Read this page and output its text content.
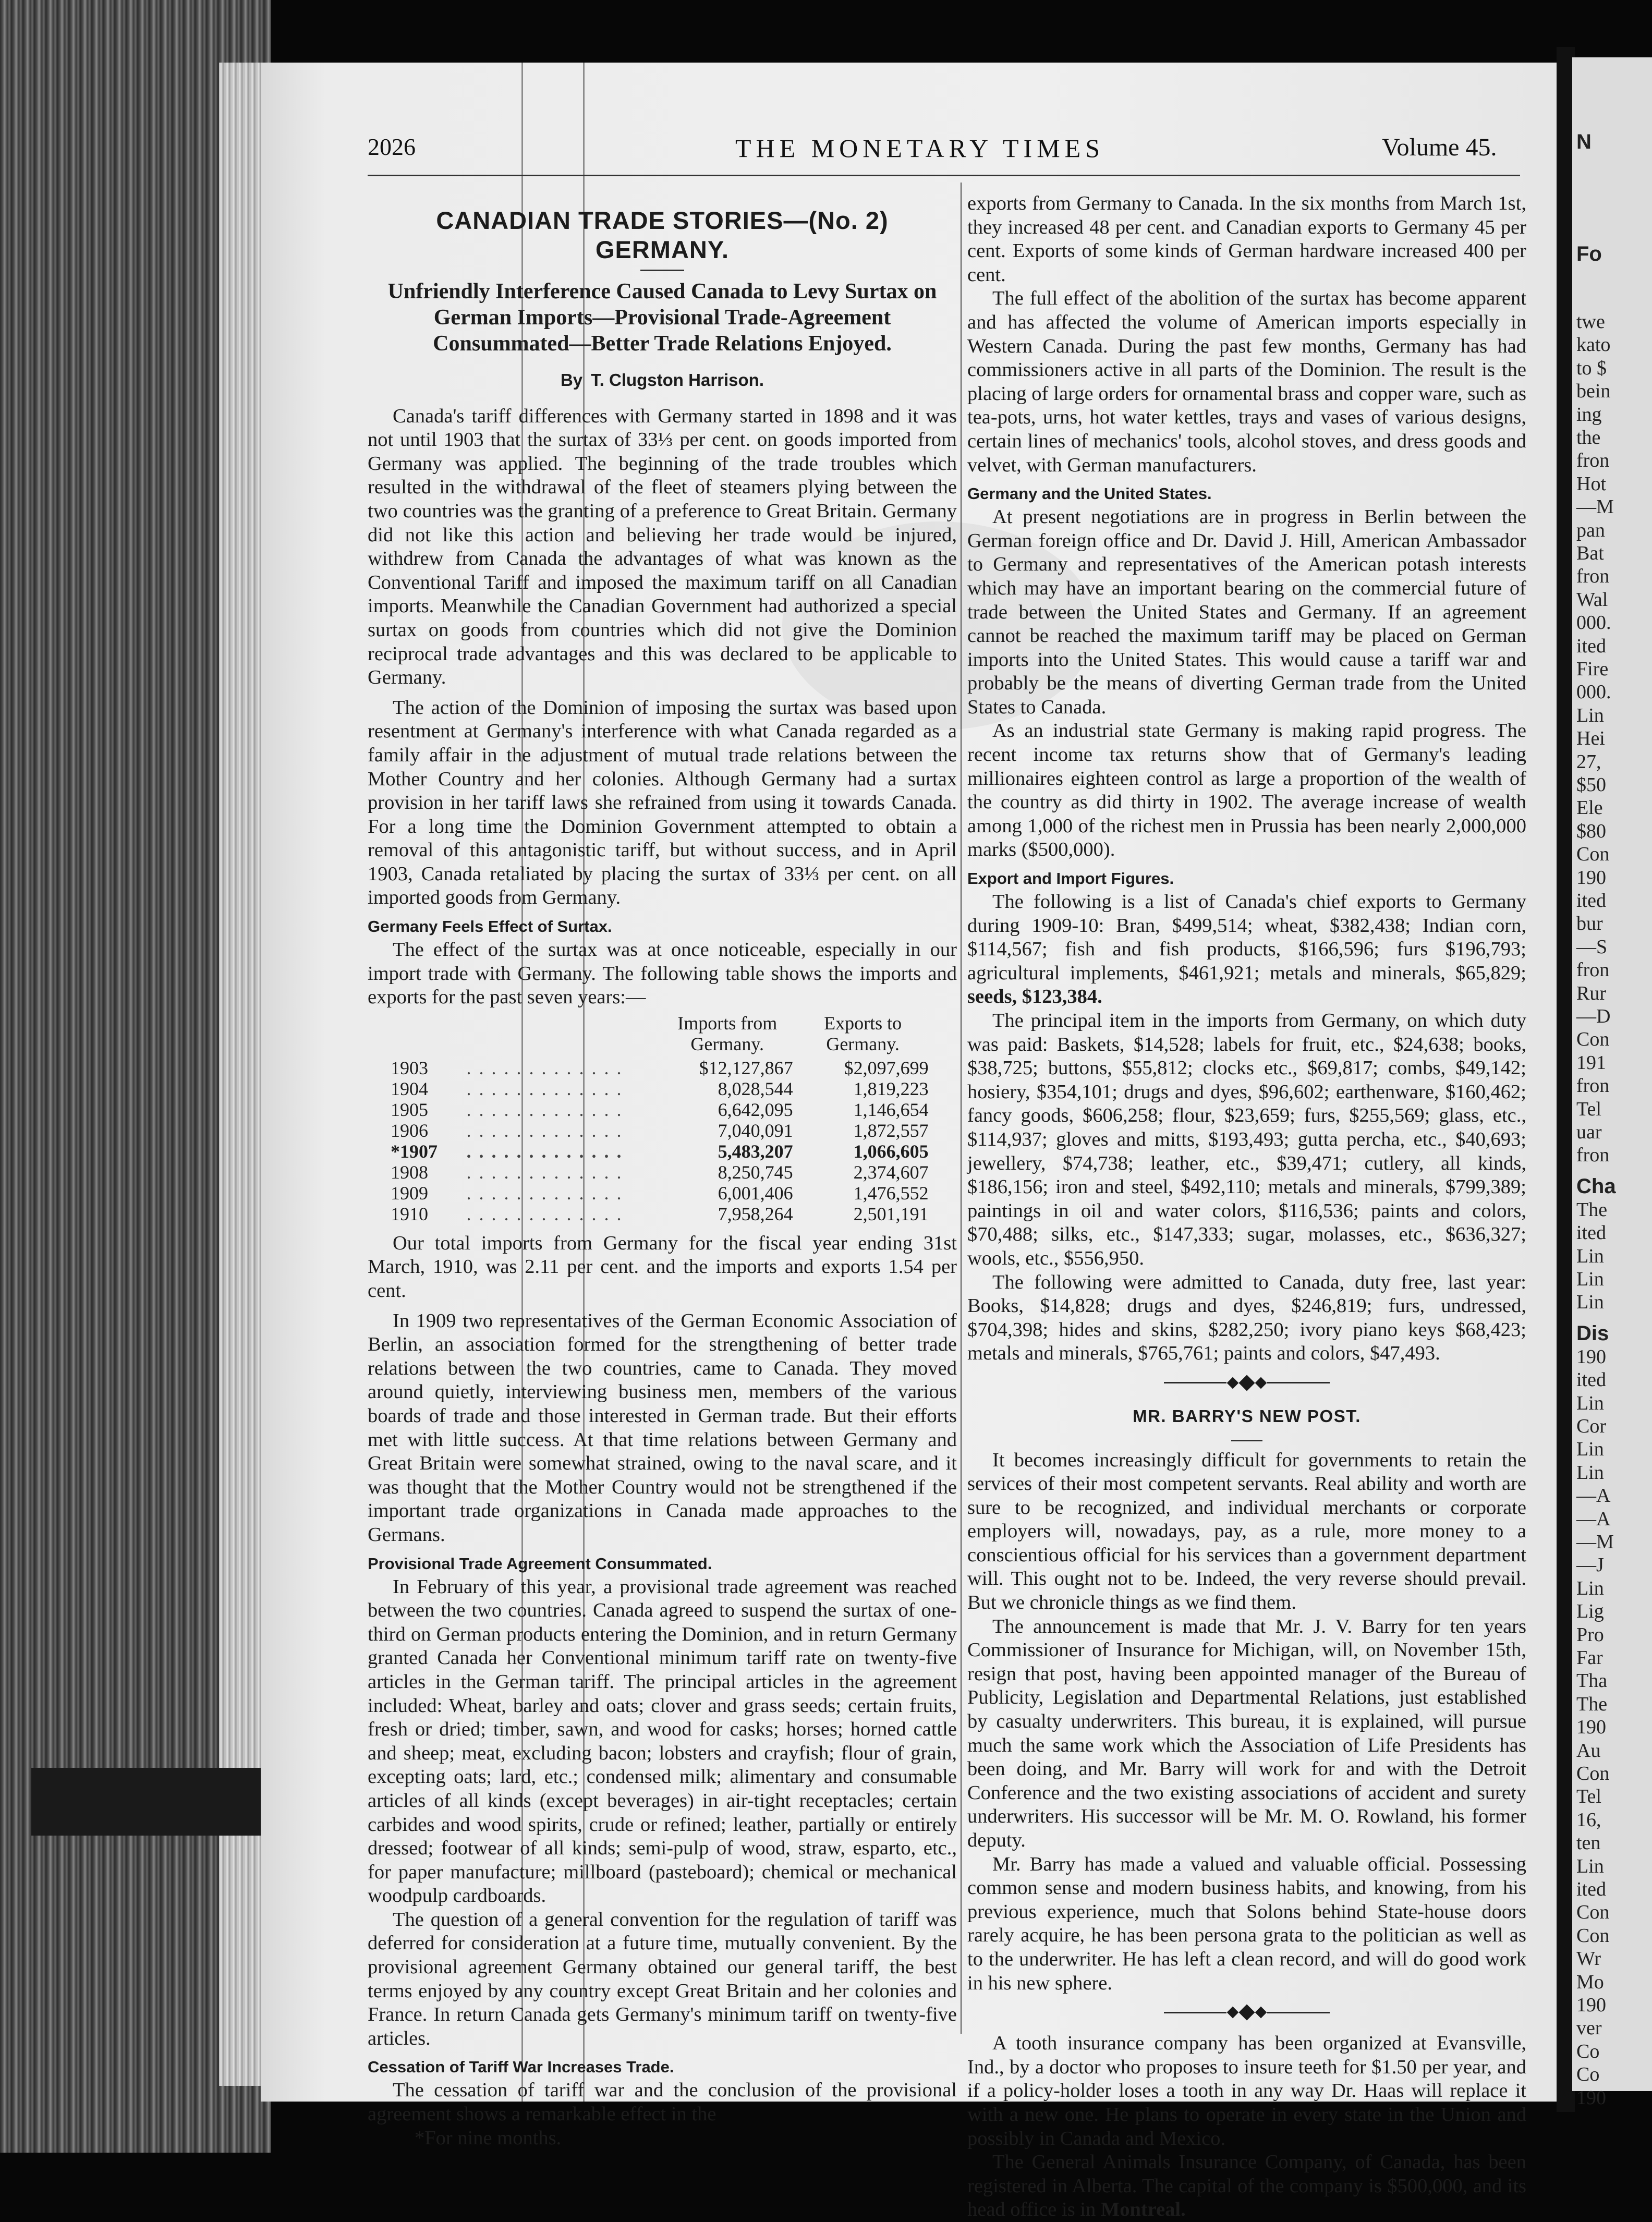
N
Fo
twe
kato
to $
bein
ing
the
fron
Hot
—M
pan
Bat
fron
Wal
000.
ited
Fire
000.
Lin
Hei
27,
$50
Ele
$80
Con
190
ited
bur
—S
fron
Rur
—D
Con
191
fron
Tel
uar
fron
Cha
The
ited
Lin
Lin
Lin
Dis
190
ited
Lin
Cor
Lin
Lin
—A
—A
—M
—J
Lin
Lig
Pro
Far
Tha
The
190
Au
Con
Tel
16,
ten
Lin
ited
Con
Con
Wr
Mo
190
ver
Co
Co
190
2026	THE MONETARY TIMES	Volume 45.
CANADIAN TRADE STORIES—(No. 2) GERMANY.
Unfriendly Interference Caused Canada to Levy Surtax on German Imports—Provisional Trade-Agreement Consummated—Better Trade Relations Enjoyed.
By T. Clugston Harrison.

Canada's tariff differences with Germany started in 1898 and it was not until 1903 that the surtax of 33⅓ per cent. on goods imported from Germany was applied. The beginning of the trade troubles which resulted in the withdrawal of the fleet of steamers plying between the two countries was the granting of a preference to Great Britain. Germany did not like this action and believing her trade would be injured, withdrew from Canada the advantages of what was known as the Conventional Tariff and imposed the maximum tariff on all Canadian imports. Meanwhile the Canadian Government had authorized a special surtax on goods from countries which did not give the Dominion reciprocal trade advantages and this was declared to be applicable to Germany.

The action of the Dominion of imposing the surtax was based upon resentment at Germany's interference with what Canada regarded as a family affair in the adjustment of mutual trade relations between the Mother Country and her colonies. Although Germany had a surtax provision in her tariff laws she refrained from using it towards Canada. For a long time the Dominion Government attempted to obtain a removal of this antagonistic tariff, but without success, and in April 1903, Canada retaliated by placing the surtax of 33⅓ per cent. on all imported goods from Germany.

Germany Feels Effect of Surtax.

The effect of the surtax was at once noticeable, especially in our import trade with Germany. The following table shows the imports and exports for the past seven years:—

		Imports from Germany.	Exports to Germany.
1903	. . . . . . . . . . . . .	$12,127,867	$2,097,699
1904	. . . . . . . . . . . . .	8,028,544	1,819,223
1905	. . . . . . . . . . . . .	6,642,095	1,146,654
1906	. . . . . . . . . . . . .	7,040,091	1,872,557
*1907	. . . . . . . . . . . . .	5,483,207	1,066,605
1908	. . . . . . . . . . . . .	8,250,745	2,374,607
1909	. . . . . . . . . . . . .	6,001,406	1,476,552
1910	. . . . . . . . . . . . .	7,958,264	2,501,191

Our total imports from Germany for the fiscal year ending 31st March, 1910, was 2.11 per cent. and the imports and exports 1.54 per cent.

In 1909 two representatives of the German Economic Association of Berlin, an association formed for the strengthening of better trade relations between the two countries, came to Canada. They moved around quietly, interviewing business men, members of the various boards of trade and those interested in German trade. But their efforts met with little success. At that time relations between Germany and Great Britain were somewhat strained, owing to the naval scare, and it was thought that the Mother Country would not be strengthened if the important trade organizations in Canada made approaches to the Germans.

Provisional Trade Agreement Consummated.

In February of this year, a provisional trade agreement was reached between the two countries. Canada agreed to suspend the surtax of one-third on German products entering the Dominion, and in return Germany granted Canada her Conventional minimum tariff rate on twenty-five articles in the German tariff. The principal articles in the agreement included: Wheat, barley and oats; clover and grass seeds; certain fruits, fresh or dried; timber, sawn, and wood for casks; horses; horned cattle and sheep; meat, excluding bacon; lobsters and crayfish; flour of grain, excepting oats; lard, etc.; condensed milk; alimentary and consumable articles of all kinds (except beverages) in air-tight receptacles; certain carbides and wood spirits, crude or refined; leather, partially or entirely dressed; footwear of all kinds; semi-pulp of wood, straw, esparto, etc., for paper manufacture; millboard (pasteboard); chemical or mechanical woodpulp cardboards.

The question of a general convention for the regulation of tariff was deferred for consideration at a future time, mutually convenient. By the provisional agreement Germany obtained our general tariff, the best terms enjoyed by any country except Great Britain and her colonies and France. In return Canada gets Germany's minimum tariff on twenty-five articles.

Cessation of Tariff War Increases Trade.

The cessation of tariff war and the conclusion of the provisional agreement shows a remarkable effect in the

*For nine months.

exports from Germany to Canada. In the six months from March 1st, they increased 48 per cent. and Canadian exports to Germany 45 per cent. Exports of some kinds of German hardware increased 400 per cent.

The full effect of the abolition of the surtax has become apparent and has affected the volume of American imports especially in Western Canada. During the past few months, Germany has had commissioners active in all parts of the Dominion. The result is the placing of large orders for ornamental brass and copper ware, such as tea-pots, urns, hot water kettles, trays and vases of various designs, certain lines of mechanics' tools, alcohol stoves, and dress goods and velvet, with German manufacturers.

Germany and the United States.

At present negotiations are in progress in Berlin between the German foreign office and Dr. David J. Hill, American Ambassador to Germany and representatives of the American potash interests which may have an important bearing on the commercial future of trade between the United States and Germany. If an agreement cannot be reached the maximum tariff may be placed on German imports into the United States. This would cause a tariff war and probably be the means of diverting German trade from the United States to Canada.

As an industrial state Germany is making rapid progress. The recent income tax returns show that of Germany's leading millionaires eighteen control as large a proportion of the wealth of the country as did thirty in 1902. The average increase of wealth among 1,000 of the richest men in Prussia has been nearly 2,000,000 marks ($500,000).

Export and Import Figures.

The following is a list of Canada's chief exports to Germany during 1909-10: Bran, $499,514; wheat, $382,438; Indian corn, $114,567; fish and fish products, $166,596; furs $196,793; agricultural implements, $461,921; metals and minerals, $65,829; seeds, $123,384.

The principal item in the imports from Germany, on which duty was paid: Baskets, $14,528; labels for fruit, etc., $24,638; books, $38,725; buttons, $55,812; clocks etc., $69,817; combs, $49,142; hosiery, $354,101; drugs and dyes, $96,602; earthenware, $160,462; fancy goods, $606,258; flour, $23,659; furs, $255,569; glass, etc., $114,937; gloves and mitts, $193,493; gutta percha, etc., $40,693; jewellery, $74,738; leather, etc., $39,471; cutlery, all kinds, $186,156; iron and steel, $492,110; metals and minerals, $799,389; paintings in oil and water colors, $116,536; paints and colors, $70,488; silks, etc., $147,333; sugar, molasses, etc., $636,327; wools, etc., $556,950.

The following were admitted to Canada, duty free, last year: Books, $14,828; drugs and dyes, $246,819; furs, undressed, $704,398; hides and skins, $282,250; ivory piano keys $68,423; metals and minerals, $765,761; paints and colors, $47,493.

MR. BARRY'S NEW POST.

It becomes increasingly difficult for governments to retain the services of their most competent servants. Real ability and worth are sure to be recognized, and individual merchants or corporate employers will, nowadays, pay, as a rule, more money to a conscientious official for his services than a government department will. This ought not to be. Indeed, the very reverse should prevail. But we chronicle things as we find them.

The announcement is made that Mr. J. V. Barry for ten years Commissioner of Insurance for Michigan, will, on November 15th, resign that post, having been appointed manager of the Bureau of Publicity, Legislation and Departmental Relations, just established by casualty underwriters. This bureau, it is explained, will pursue much the same work which the Association of Life Presidents has been doing, and Mr. Barry will work for and with the Detroit Conference and the two existing associations of accident and surety underwriters. His successor will be Mr. M. O. Rowland, his former deputy.

Mr. Barry has made a valued and valuable official. Possessing common sense and modern business habits, and knowing, from his previous experience, much that Solons behind State-house doors rarely acquire, he has been persona grata to the politician as well as to the underwriter. He has left a clean record, and will do good work in his new sphere.

A tooth insurance company has been organized at Evansville, Ind., by a doctor who proposes to insure teeth for $1.50 per year, and if a policy-holder loses a tooth in any way Dr. Haas will replace it with a new one. He plans to operate in every state in the Union and possibly in Canada and Mexico.

The General Animals Insurance Company, of Canada, has been registered in Alberta. The capital of the company is $500,000, and its head office is in Montreal.
